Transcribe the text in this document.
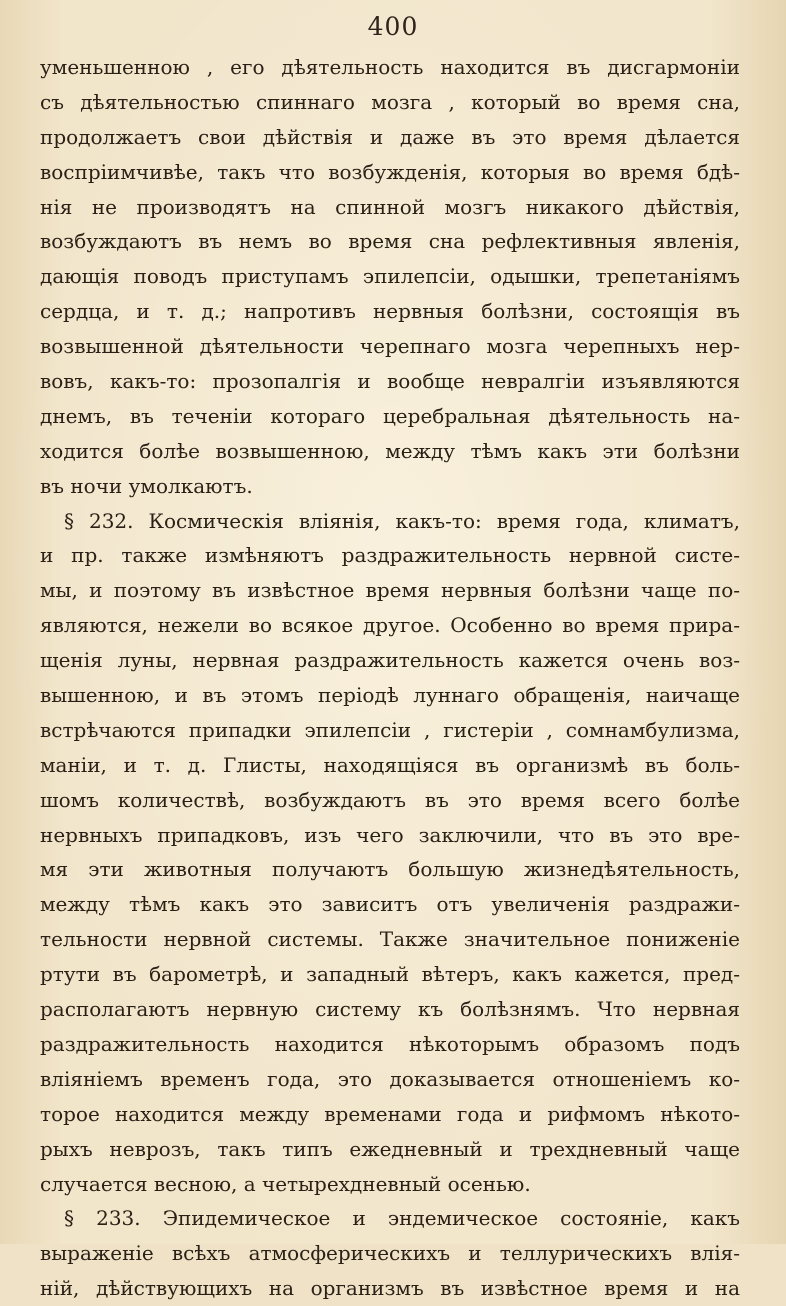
400
уменьшенною , его дѣятельность находится въ дисгармоніи
съ дѣятельностью спиннаго мозга , который во время сна,
продолжаетъ свои дѣйствія и даже въ это время дѣлается
воспріимчивѣе, такъ что возбужденія, которыя во время бдѣ-
нія не производятъ на спинной мозгъ никакого дѣйствія,
возбуждаютъ въ немъ во время сна рефлективныя явленія,
дающія поводъ приступамъ эпилепсіи, одышки, трепетаніямъ
сердца, и т. д.; напротивъ нервныя болѣзни, состоящія въ
возвышенной дѣятельности черепнаго мозга черепныхъ нер-
вовъ, какъ-то: прозопалгія и вообще невралгіи изъявляются
днемъ, въ теченіи котораго церебральная дѣятельность на-
ходится болѣе возвышенною, между тѣмъ какъ эти болѣзни
въ ночи умолкаютъ.
§ 232. Космическія вліянія, какъ-то: время года, климатъ,
и пр. также измѣняютъ раздражительность нервной систе-
мы, и поэтому въ извѣстное время нервныя болѣзни чаще по-
являются, нежели во всякое другое. Особенно во время прира-
щенія луны, нервная раздражительность кажется очень воз-
вышенною, и въ этомъ періодѣ луннаго обращенія, наичаще
встрѣчаются припадки эпилепсіи , гистеріи , сомнамбулизма,
маніи, и т. д. Глисты, находящіяся въ организмѣ въ боль-
шомъ количествѣ, возбуждаютъ въ это время всего болѣе
нервныхъ припадковъ, изъ чего заключили, что въ это вре-
мя эти животныя получаютъ большую жизнедѣятельность,
между тѣмъ какъ это зависитъ отъ увеличенія раздражи-
тельности нервной системы. Также значительное пониженіе
ртути въ барометрѣ, и западный вѣтеръ, какъ кажется, пред-
располагаютъ нервную систему къ болѣзнямъ. Что нервная
раздражительность находится нѣкоторымъ образомъ подъ
вліяніемъ временъ года, это доказывается отношеніемъ ко-
торое находится между временами года и рифмомъ нѣкото-
рыхъ неврозъ, такъ типъ ежедневный и трехдневный чаще
случается весною, а четырехдневный осенью.
§ 233. Эпидемическое и эндемическое состояніе, какъ
выраженіе всѣхъ атмосферическихъ и теллурическихъ влія-
ній, дѣйствующихъ на организмъ въ извѣстное время и на
